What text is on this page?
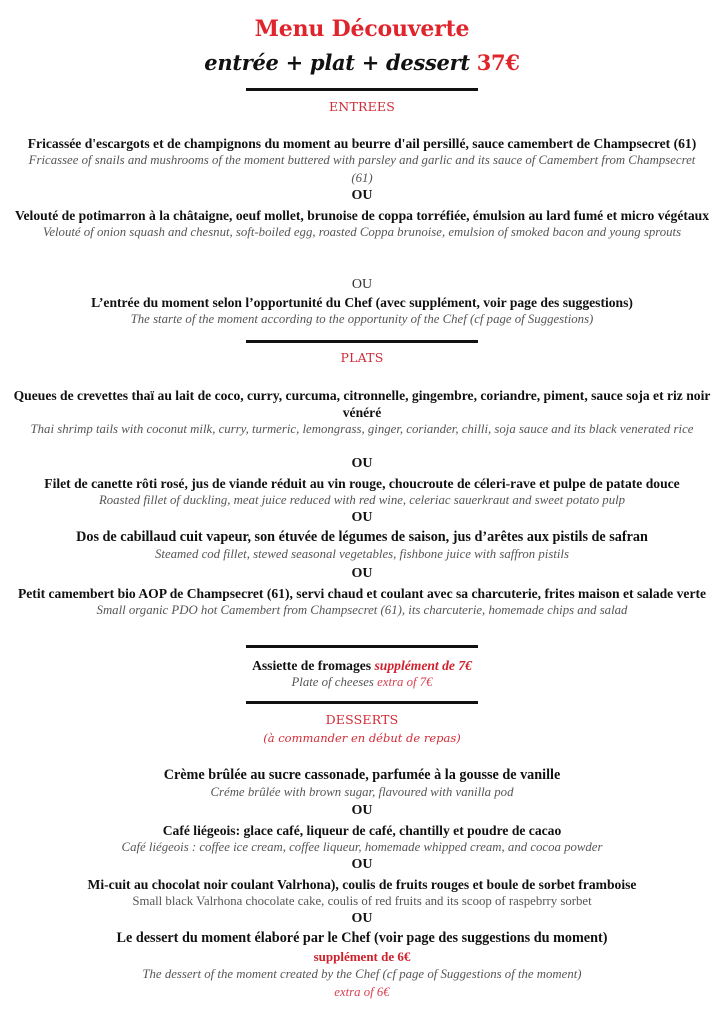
Menu Découverte
entrée + plat + dessert 37€
ENTREES
Fricassée d'escargots et de champignons du moment au beurre d'ail persillé, sauce camembert de Champsecret (61)
Fricassee of snails and mushrooms of the moment buttered with parsley and garlic and its sauce of Camembert from Champsecret (61)
OU
Velouté de potimarron à la châtaigne, oeuf mollet, brunoise de coppa torréfiée, émulsion au lard fumé et micro végétaux
Velouté of onion squash and chesnut, soft-boiled egg, roasted Coppa brunoise, emulsion of smoked bacon and young sprouts
OU
L’entrée du moment selon l’opportunité du Chef (avec supplément, voir page des suggestions)
The starte of the moment according to the opportunity of the Chef (cf page of Suggestions)
PLATS
Queues de crevettes thaï au lait de coco, curry, curcuma, citronnelle, gingembre, coriandre, piment, sauce soja et riz noir vénéré
Thai shrimp tails with coconut milk, curry, turmeric, lemongrass, ginger, coriander, chilli, soja sauce and its black venerated rice
OU
Filet de canette rôti rosé, jus de viande réduit au vin rouge, choucroute de céleri-rave et pulpe de patate douce
Roasted fillet of duckling, meat juice reduced with red wine, celeriac sauerkraut and sweet potato pulp
OU
Dos de cabillaud cuit vapeur, son étuvée de légumes de saison, jus d’arêtes aux pistils de safran
Steamed cod fillet, stewed seasonal vegetables, fishbone juice with saffron pistils
OU
Petit camembert bio AOP de Champsecret (61), servi chaud et coulant avec sa charcuterie, frites maison et salade verte
Small organic PDO hot Camembert from Champsecret (61), its charcuterie, homemade chips and salad
Assiette de fromages supplément de 7€
Plate of cheeses extra of 7€
DESSERTS
(à commander en début de repas)
Crème brûlée au sucre cassonade, parfumée à la gousse de vanille
Créme brûlée with brown sugar, flavoured with vanilla pod
OU
Café liégeois: glace café, liqueur de café, chantilly et poudre de cacao
Café liégeois : coffee ice cream, coffee liqueur, homemade whipped cream, and cocoa powder
OU
Mi-cuit au chocolat noir coulant Valrhona), coulis de fruits rouges et boule de sorbet framboise
Small black Valrhona chocolate cake, coulis of red fruits and its scoop of raspebrry sorbet
OU
Le dessert du moment élaboré par le Chef (voir page des suggestions du moment)
supplément de 6€
The dessert of the moment created by the Chef (cf page of Suggestions of the moment)
extra of 6€
